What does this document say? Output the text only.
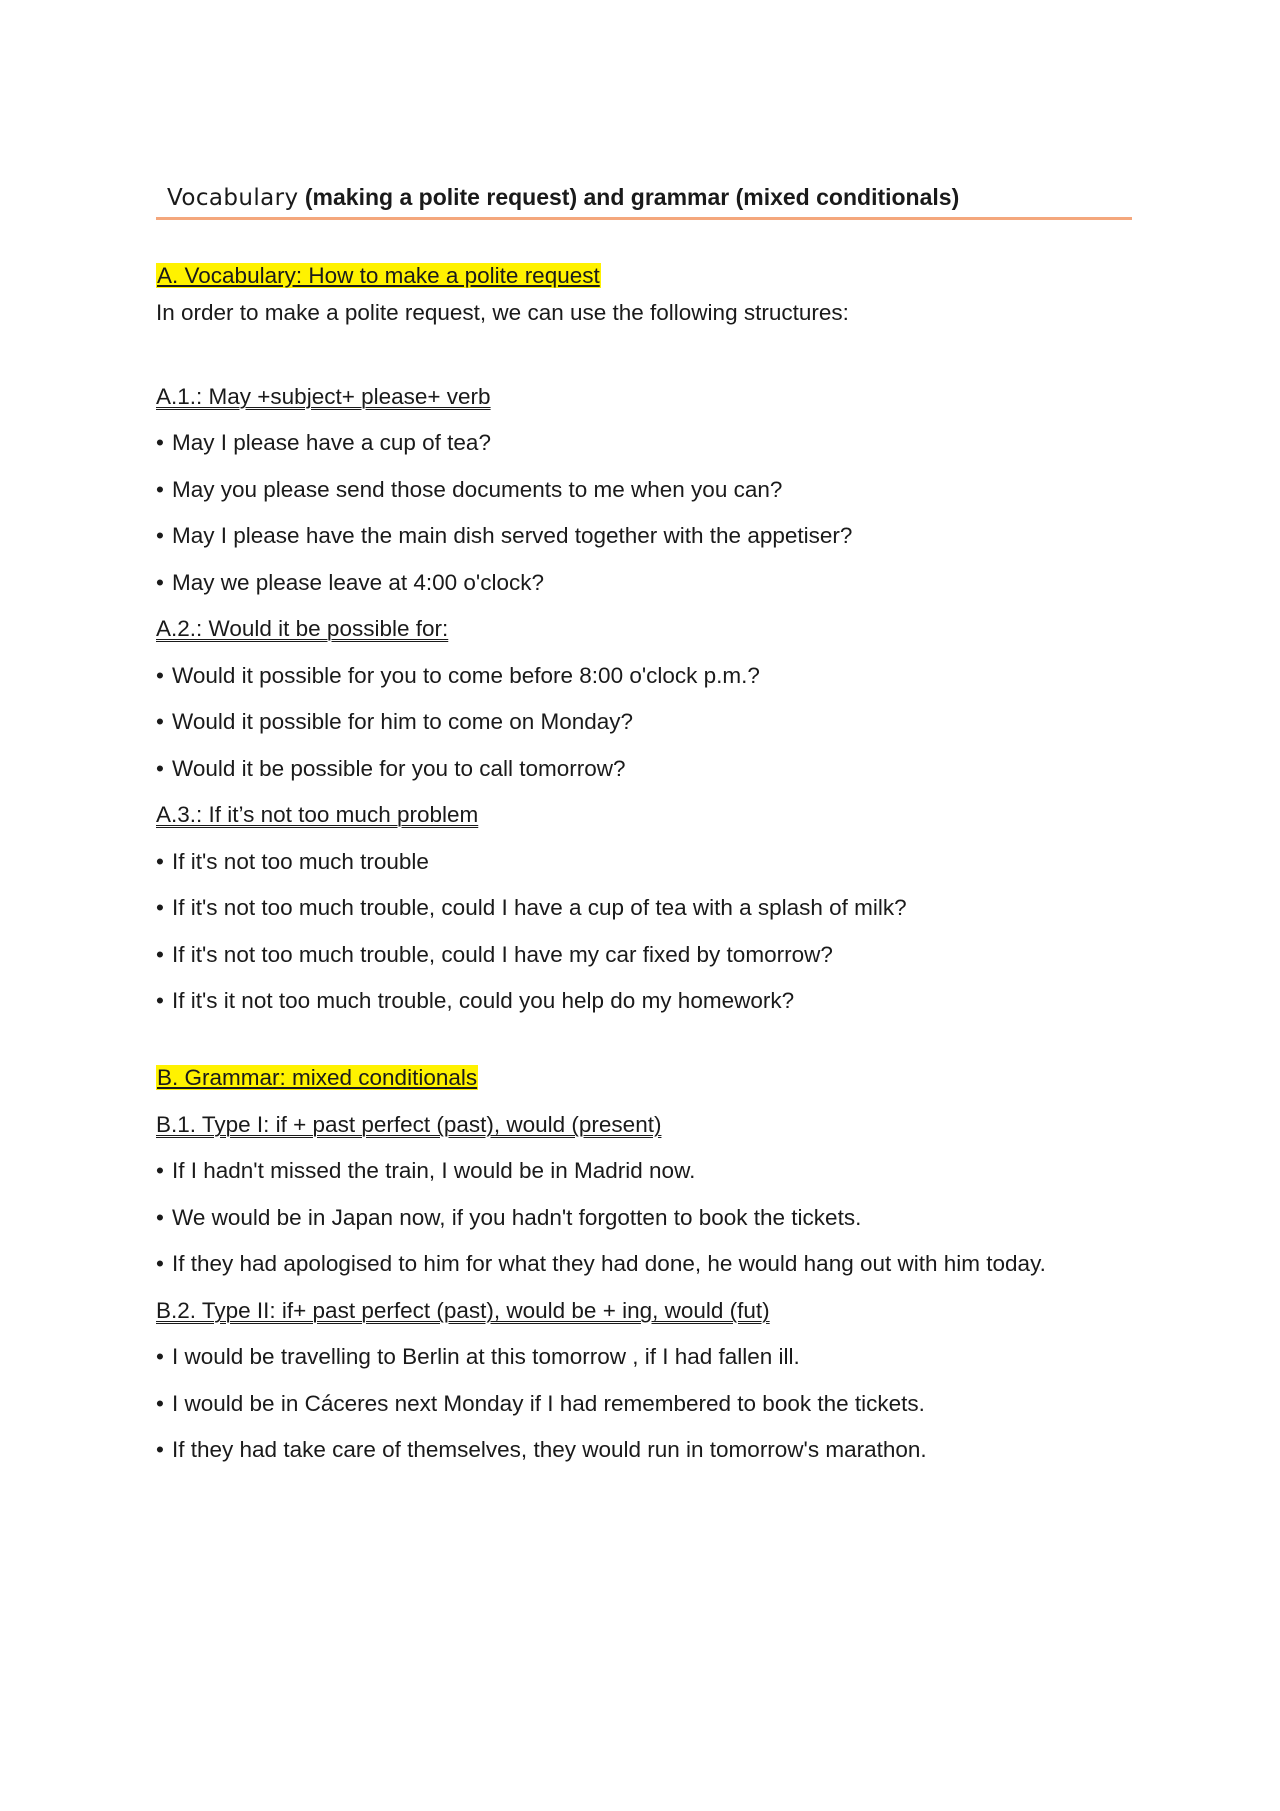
Vocabulary (making a polite request) and grammar (mixed conditionals)

A. Vocabulary: How to make a polite request

In order to make a polite request, we can use the following structures:

A.1.: May +subject+ please+ verb

• May I please have a cup of tea?

• May you please send those documents to me when you can?

• May I please have the main dish served together with the appetiser?

• May we please leave at 4:00 o'clock?

A.2.: Would it be possible for:

• Would it possible for you to come before 8:00 o'clock p.m.?

• Would it possible for him to come on Monday?

• Would it be possible for you to call tomorrow?

A.3.: If it’s not too much problem

• If it's not too much trouble

• If it's not too much trouble, could I have a cup of tea with a splash of milk?

• If it's not too much trouble, could I have my car fixed by tomorrow?

• If it's it not too much trouble, could you help do my homework?

B. Grammar: mixed conditionals

B.1. Type I: if + past perfect (past), would (present)

• If I hadn't missed the train, I would be in Madrid now.

• We would be in Japan now, if you hadn't forgotten to book the tickets.

• If they had apologised to him for what they had done, he would hang out with him today.

B.2. Type II: if+ past perfect (past), would be + ing, would (fut)

• I would be travelling to Berlin at this tomorrow , if I had fallen ill.

• I would be in Cáceres next Monday if I had remembered to book the tickets.

• If they had take care of themselves, they would run in tomorrow's marathon.
